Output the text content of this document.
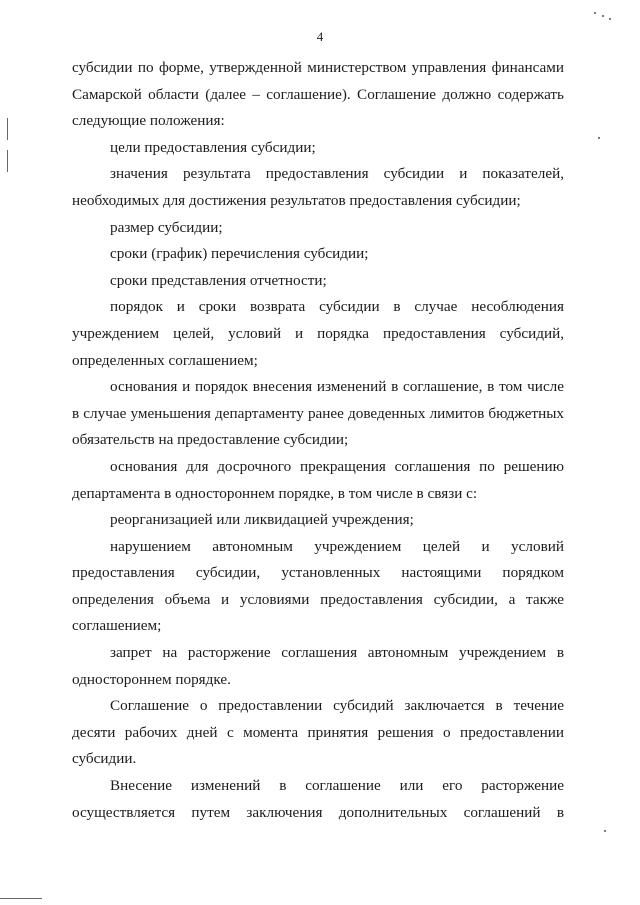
4

субсидии по форме, утвержденной министерством управления финансами Самарской области (далее – соглашение). Соглашение должно содержать следующие положения:

цели предоставления субсидии;

значения результата предоставления субсидии и показателей, необходимых для достижения результатов предоставления субсидии;

размер субсидии;

сроки (график) перечисления субсидии;

сроки представления отчетности;

порядок и сроки возврата субсидии в случае несоблюдения учреждением целей, условий и порядка предоставления субсидий, определенных соглашением;

основания и порядок внесения изменений в соглашение, в том числе в случае уменьшения департаменту ранее доведенных лимитов бюджетных обязательств на предоставление субсидии;

основания для досрочного прекращения соглашения по решению департамента в одностороннем порядке, в том числе в связи с:

реорганизацией или ликвидацией учреждения;

нарушением автономным учреждением целей и условий предоставления субсидии, установленных настоящими порядком определения объема и условиями предоставления субсидии, а также соглашением;

запрет на расторжение соглашения автономным учреждением в одностороннем порядке.

Соглашение о предоставлении субсидий заключается в течение десяти рабочих дней с момента принятия решения о предоставлении субсидии.

Внесение изменений в соглашение или его расторжение осуществляется путем заключения дополнительных соглашений в
